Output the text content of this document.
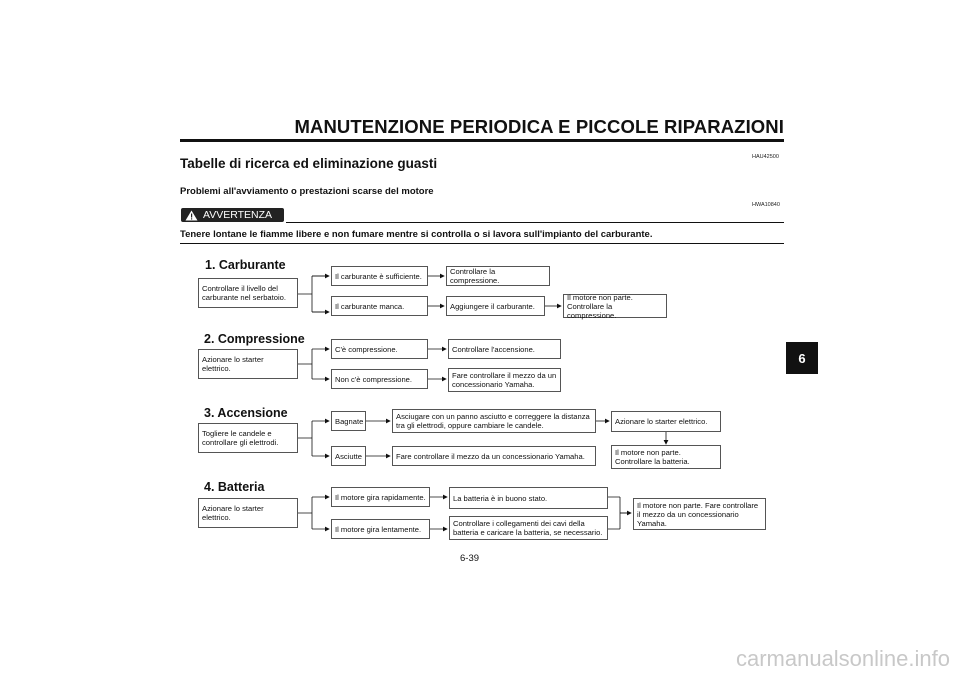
MANUTENZIONE PERIODICA E PICCOLE RIPARAZIONI
HAU42500
Tabelle di ricerca ed eliminazione guasti
Problemi all'avviamento o prestazioni scarse del motore
HWA10840
AVVERTENZA
Tenere lontane le fiamme libere e non fumare mentre si controlla o si lavora sull'impianto del carburante.
6
1. Carburante
Controllare il livello del
carburante nel serbatoio.
Il carburante è sufficiente.
Il carburante manca.
Controllare la compressione.
Aggiungere il carburante.
Il motore non parte.
Controllare la compressione.
2. Compressione
Azionare lo starter elettrico.
C'è compressione.
Non c'è compressione.
Controllare l'accensione.
Fare controllare il mezzo da un
concessionario Yamaha.
3. Accensione
Togliere le candele e
controllare gli elettrodi.
Bagnate
Asciutte
Asciugare con un panno asciutto e correggere la distanza
tra gli elettrodi, oppure cambiare le candele.
Fare controllare il mezzo da un concessionario Yamaha.
Azionare lo starter elettrico.
Il motore non parte.
Controllare la batteria.
4. Batteria
Azionare lo starter elettrico.
Il motore gira rapidamente.
Il motore gira lentamente.
La batteria è in buono stato.
Controllare i collegamenti dei cavi della
batteria e caricare la batteria, se necessario.
Il motore non parte. Fare controllare
il mezzo da un concessionario
Yamaha.
6-39
carmanualsonline.info
